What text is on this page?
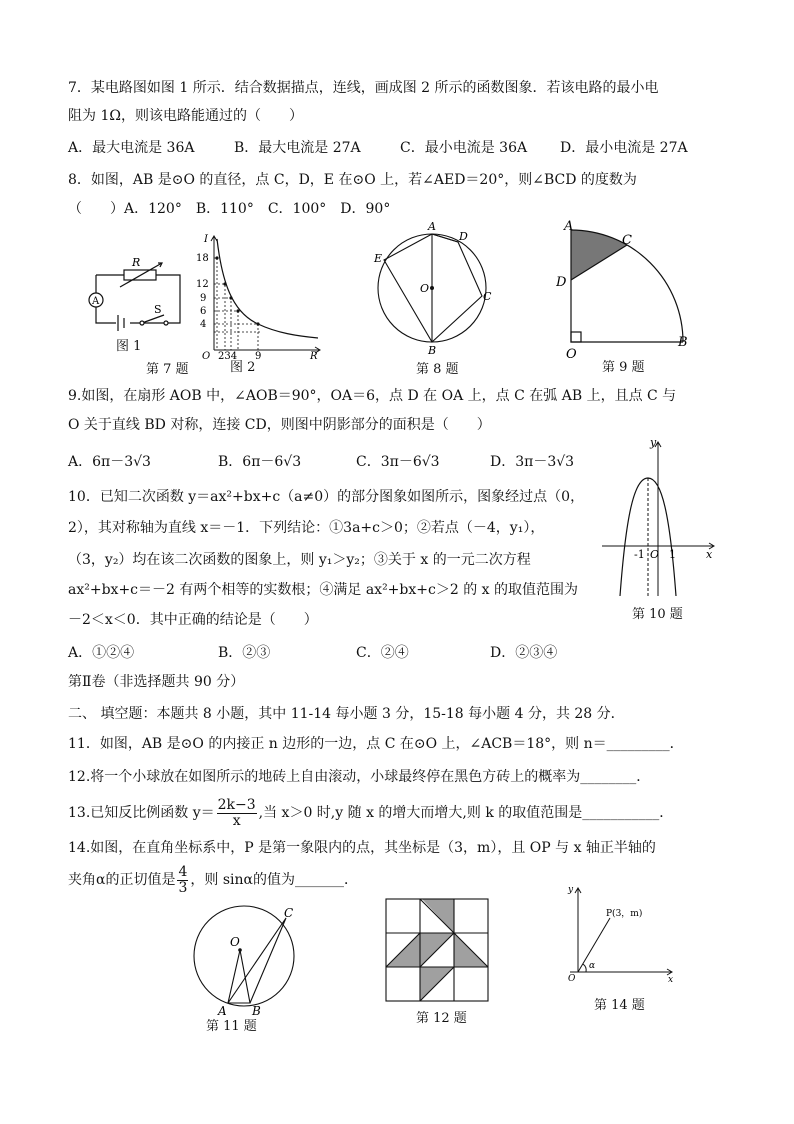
7．某电路图如图 1 所示．结合数据描点，连线，画成图 2 所示的函数图象．若该电路的最小电
阻为 1Ω，则该电路能通过的（　　）
A．最大电流是 36A	B．最大电流是 27A	C．最小电流是 36A D．最小电流是 27A
8．如图，AB 是⊙O 的直径，点 C，D，E 在⊙O 上，若∠AED＝20°，则∠BCD 的度数为
（　　）A．120°　B．110°　C．100°　D．90°
R
A
S
图 1
第 7 题
I
18
12
9
6
4
O 234 9	R
图 2
A
D
E
O
C
B
第 8 题
A
C
D
O
B
第 9 题
9.如图，在扇形 AOB 中，∠AOB＝90°，OA＝6，点 D 在 OA 上，点 C 在弧 AB 上，且点 C 与
O 关于直线 BD 对称，连接 CD，则图中阴影部分的面积是（　　）
A．6π－3√3	B．6π－6√3	C．3π－6√3	D．3π－3√3
10．已知二次函数 y＝ax²+bx+c（a≠0）的部分图象如图所示，图象经过点（0，
2），其对称轴为直线 x＝－1．下列结论：①3a+c＞0；②若点（－4，y₁），
（3，y₂）均在该二次函数的图象上，则 y₁＞y₂；③关于 x 的一元二次方程
ax²+bx+c＝－2 有两个相等的实数根；④满足 ax²+bx+c＞2 的 x 的取值范围为
－2＜x＜0．其中正确的结论是（　　）
A．①②④	B．②③	C．②④	D．②③④
y
x
-1 O 1
第 10 题
第Ⅱ卷（非选择题共 90 分）
二、 填空题：本题共 8 小题，其中 11-14 每小题 3 分，15-18 每小题 4 分，共 28 分．
11．如图，AB 是⊙O 的内接正 n 边形的一边，点 C 在⊙O 上，∠ACB＝18°，则 n＝_________．
12.将一个小球放在如图所示的地砖上自由滚动，小球最终停在黑色方砖上的概率为________．
13.已知反比例函数 $y= \frac{2k-3}{x}$ ,当 x＞0 时,y 随 x 的增大而增大,则 k 的取值范围是___________．
14.如图，在直角坐标系中，P 是第一象限内的点，其坐标是（3，m），且 OP 与 x 轴正半轴的
夹角α的正切值是 $\frac{4}{3}$ ，则 sinα的值为_______．
C
O
A B
第 11 题
第 12 题
y
x
O
α
P(3，m)
第 14 题
